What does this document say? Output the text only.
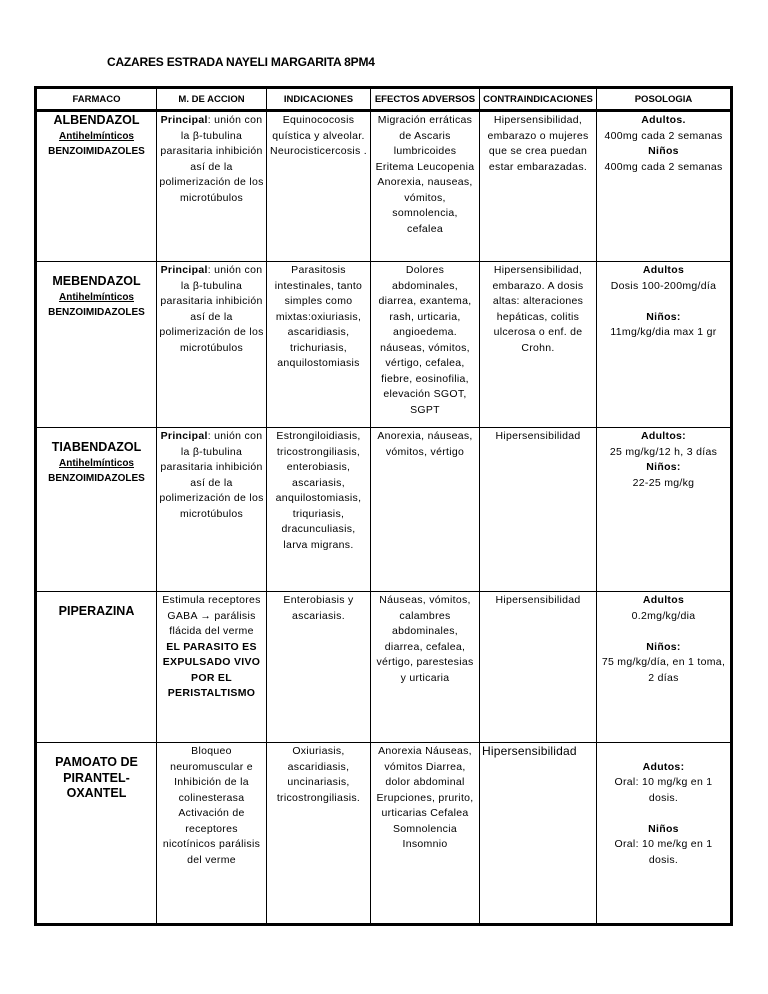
CAZARES ESTRADA NAYELI MARGARITA 8PM4
FARMACO	M. DE ACCION	INDICACIONES	EFECTOS ADVERSOS	CONTRAINDICACIONES	POSOLOGIA

ALBENDAZOL
Antihelmínticos
BENZOIMIDAZOLES	Principal: unión con la β-tubulina parasitaria inhibición así de la polimerización de los microtúbulos	Equinococosis quística y alveolar. Neurocisticercosis .	Migración erráticas de Ascaris lumbricoides Eritema Leucopenia Anorexia, nauseas, vómitos, somnolencia, cefalea	Hipersensibilidad, embarazo o mujeres que se crea puedan estar embarazadas.	Adultos.
400mg cada 2 semanas
Niños
400mg cada 2 semanas

MEBENDAZOL
Antihelmínticos
BENZOIMIDAZOLES	Principal: unión con la β-tubulina parasitaria inhibición así de la polimerización de los microtúbulos	Parasitosis intestinales, tanto simples como mixtas:oxiuriasis, ascaridiasis, trichuriasis, anquilostomiasis	Dolores abdominales, diarrea, exantema, rash, urticaria, angioedema. náuseas, vómitos, vértigo, cefalea, fiebre, eosinofilia, elevación SGOT, SGPT	Hipersensibilidad, embarazo. A dosis altas: alteraciones hepáticas, colitis ulcerosa o enf. de Crohn.	Adultos
Dosis 100-200mg/día

Niños:
11mg/kg/dia max 1 gr

TIABENDAZOL
Antihelmínticos
BENZOIMIDAZOLES	Principal: unión con la β-tubulina parasitaria inhibición así de la polimerización de los microtúbulos	Estrongiloidiasis, tricostrongiliasis, enterobiasis, ascariasis, anquilostomiasis, triquriasis, dracunculiasis, larva migrans.	Anorexia, náuseas, vómitos, vértigo	Hipersensibilidad	Adultos:
25 mg/kg/12 h, 3 días
Niños:
22-25 mg/kg

PIPERAZINA	Estimula receptores GABA → parálisis flácida del verme
EL PARASITO ES EXPULSADO VIVO POR EL PERISTALTISMO	Enterobiasis y ascariasis.	Náuseas, vómitos, calambres abdominales, diarrea, cefalea, vértigo, parestesias y urticaria	Hipersensibilidad	Adultos
0.2mg/kg/dia

Niños:
75 mg/kg/día, en 1 toma, 2 días

PAMOATO DE PIRANTEL-OXANTEL	Bloqueo neuromuscular e Inhibición de la colinesterasa Activación de receptores nicotínicos parálisis del verme	Oxiuriasis, ascaridiasis, uncinariasis, tricostrongiliasis.	Anorexia Náuseas, vómitos Diarrea, dolor abdominal Erupciones, prurito, urticarias Cefalea Somnolencia Insomnio	Hipersensibilidad	Adutos:
Oral: 10 mg/kg en 1 dosis.

Niños
Oral: 10 me/kg en 1 dosis.
